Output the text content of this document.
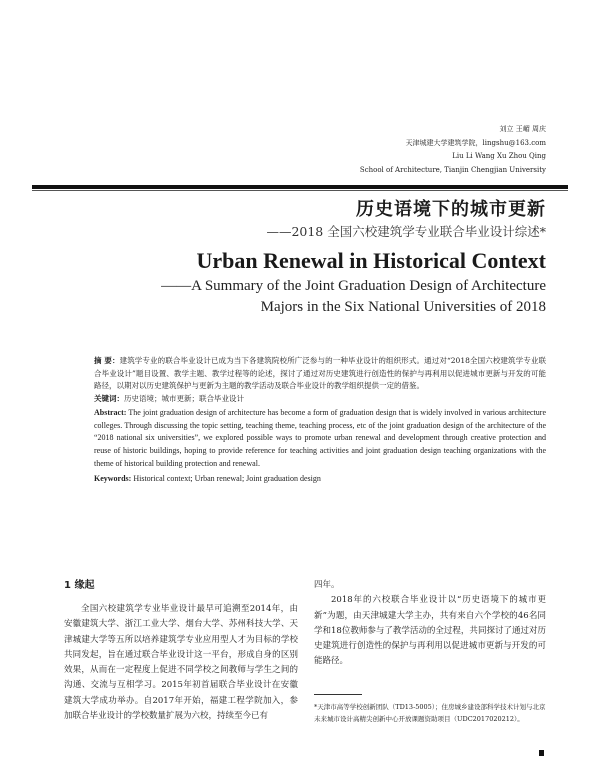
刘立 王嵋 周庆
天津城建大学建筑学院，lingshu@163.com
Liu Li Wang Xu Zhou Qing
School of Architecture, Tianjin Chengjian University
历史语境下的城市更新
——2018 全国六校建筑学专业联合毕业设计综述*
Urban Renewal in Historical Context
——A Summary of the Joint Graduation Design of Architecture
Majors in the Six National Universities of 2018

摘 要：建筑学专业的联合毕业设计已成为当下各建筑院校所广泛参与的一种毕业设计的组织形式。通过对“2018全国六校建筑学专业联合毕业设计”题目设置、教学主题、教学过程等的论述，探讨了通过对历史建筑进行创造性的保护与再利用以促进城市更新与开发的可能路径，以期对以历史建筑保护与更新为主题的教学活动及联合毕业设计的教学组织提供一定的借鉴。

关键词：历史语境；城市更新；联合毕业设计

Abstract: The joint graduation design of architecture has become a form of graduation design that is widely involved in various architecture colleges. Through discussing the topic setting, teaching theme, teaching process, etc of the joint graduation design of the architecture of the “2018 national six universities”, we explored possible ways to promote urban renewal and development through creative protection and reuse of historic buildings, hoping to provide reference for teaching activities and joint graduation design teaching organizations with the theme of historical building protection and renewal.

Keywords: Historical context; Urban renewal; Joint graduation design

1 缘起

全国六校建筑学专业毕业设计最早可追溯至2014年，由安徽建筑大学、浙江工业大学、烟台大学、苏州科技大学、天津城建大学等五所以培养建筑学专业应用型人才为目标的学校共同发起，旨在通过联合毕业设计这一平台，形成自身的区别效果，从而在一定程度上促进不同学校之间教师与学生之间的沟通、交流与互相学习。2015年初首届联合毕业设计在安徽建筑大学成功举办。自2017年开始，福建工程学院加入，参加联合毕业设计的学校数量扩展为六校，持续至今已有

四年。

2018年的六校联合毕业设计以“历史语境下的城市更新”为题，由天津城建大学主办，共有来自六个学校的46名同学和18位教师参与了教学活动的全过程，共同探讨了通过对历史建筑进行创造性的保护与再利用以促进城市更新与开发的可能路径。

*天津市高等学校创新团队（TD13-5005）；住房城乡建设部科学技术计划与北京未来城市设计高精尖创新中心开放课题资助项目（UDC2017020212）。
